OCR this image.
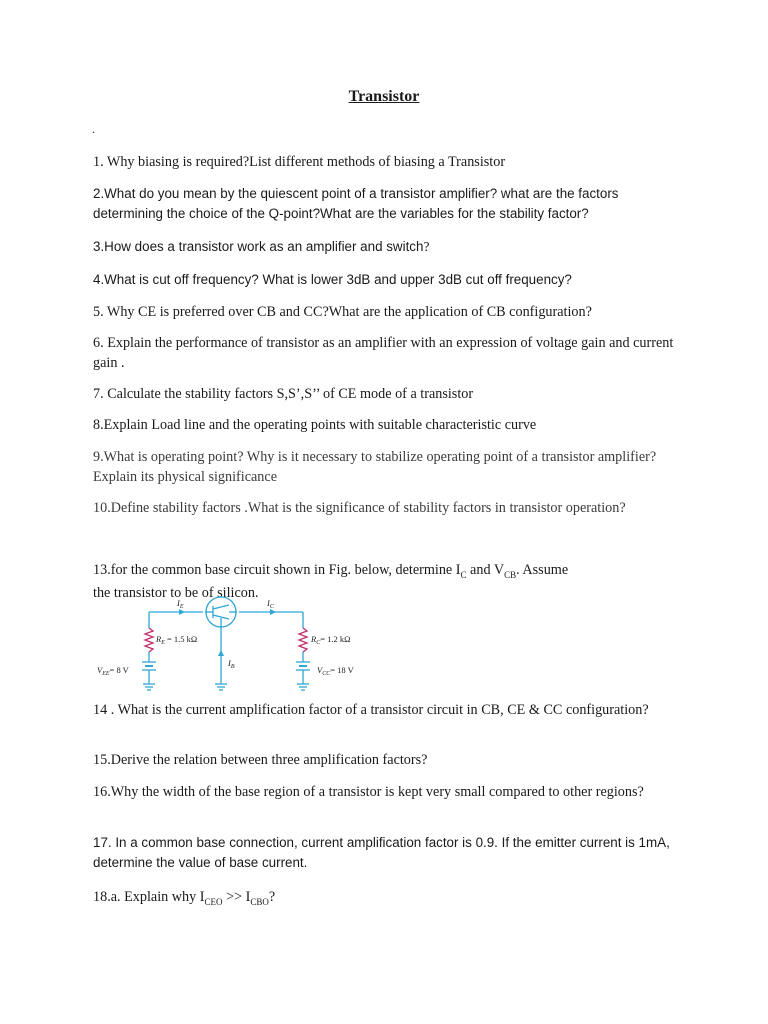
Transistor
.

1. Why biasing is required?List different methods of biasing a Transistor

2.What do you mean by the quiescent point of a transistor amplifier? what are the factors determining the choice of the Q-point?What are the variables for the stability factor?

3.How does a transistor work as an amplifier and switch?

4.What is cut off frequency? What is lower 3dB and upper 3dB cut off frequency?

5. Why CE is preferred over CB and CC?What are the application of CB configuration?

6. Explain the performance of transistor as an amplifier with an expression of voltage gain and current gain .

7. Calculate the stability factors S,S’,S’’ of CE mode of a transistor

8.Explain Load line and the operating points with suitable characteristic curve

9.What is operating point? Why is it necessary to stabilize operating point of a transistor amplifier?Explain its physical significance

10.Define stability factors .What is the significance of stability factors in transistor operation?

13.for the common base circuit shown in Fig. below, determine $I_C$ and $V_{CB}$. Assume
the transistor to be of silicon.

$I_E$	$I_C$
$I_B$
$R_E = 1.5$ kΩ	$R_C= 1.2$ kΩ
$V_{EE}= 8$ V	$V_{CC}= 18$ V

14 . What is the current amplification factor of a transistor circuit in CB, CE & CC configuration?

15.Derive the relation between three amplification factors?

16.Why the width of the base region of a transistor is kept very small compared to other regions?

17. In a common base connection, current amplification factor is 0.9. If the emitter current is 1mA, determine the value of base current.

18.a. Explain why $I_{CEO} >> I_{CBO}$?
